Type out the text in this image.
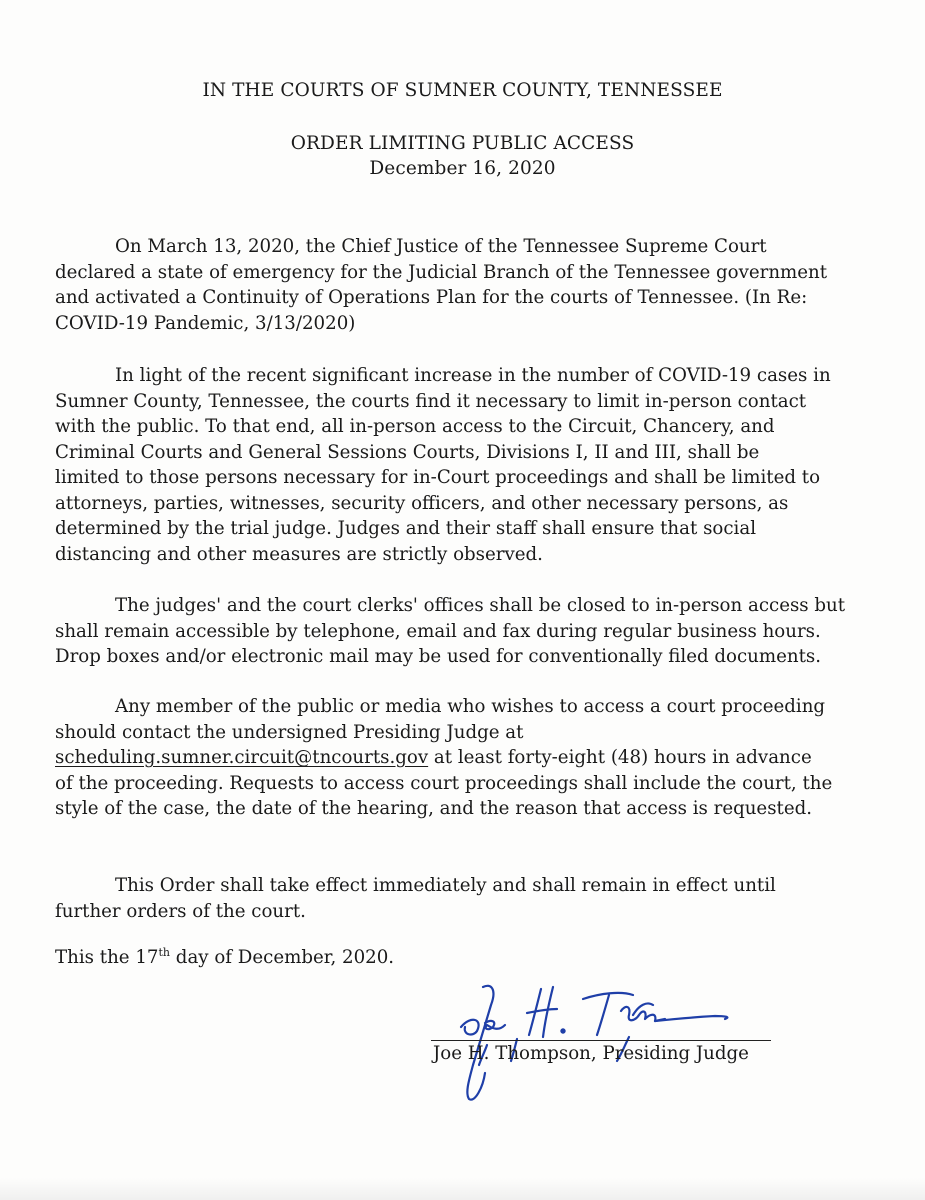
IN THE COURTS OF SUMNER COUNTY, TENNESSEE
ORDER LIMITING PUBLIC ACCESS
December 16, 2020
On March 13, 2020, the Chief Justice of the Tennessee Supreme Court
declared a state of emergency for the Judicial Branch of the Tennessee government
and activated a Continuity of Operations Plan for the courts of Tennessee. (In Re:
COVID-19 Pandemic, 3/13/2020)
In light of the recent significant increase in the number of COVID-19 cases in
Sumner County, Tennessee, the courts find it necessary to limit in-person contact
with the public. To that end, all in-person access to the Circuit, Chancery, and
Criminal Courts and General Sessions Courts, Divisions I, II and III, shall be
limited to those persons necessary for in-Court proceedings and shall be limited to
attorneys, parties, witnesses, security officers, and other necessary persons, as
determined by the trial judge. Judges and their staff shall ensure that social
distancing and other measures are strictly observed.
The judges' and the court clerks' offices shall be closed to in-person access but
shall remain accessible by telephone, email and fax during regular business hours.
Drop boxes and/or electronic mail may be used for conventionally filed documents.
Any member of the public or media who wishes to access a court proceeding
should contact the undersigned Presiding Judge at
scheduling.sumner.circuit@tncourts.gov at least forty-eight (48) hours in advance
of the proceeding. Requests to access court proceedings shall include the court, the
style of the case, the date of the hearing, and the reason that access is requested.
This Order shall take effect immediately and shall remain in effect until
further orders of the court.
This the 17th day of December, 2020.
Joe H. Thompson, Presiding Judge
